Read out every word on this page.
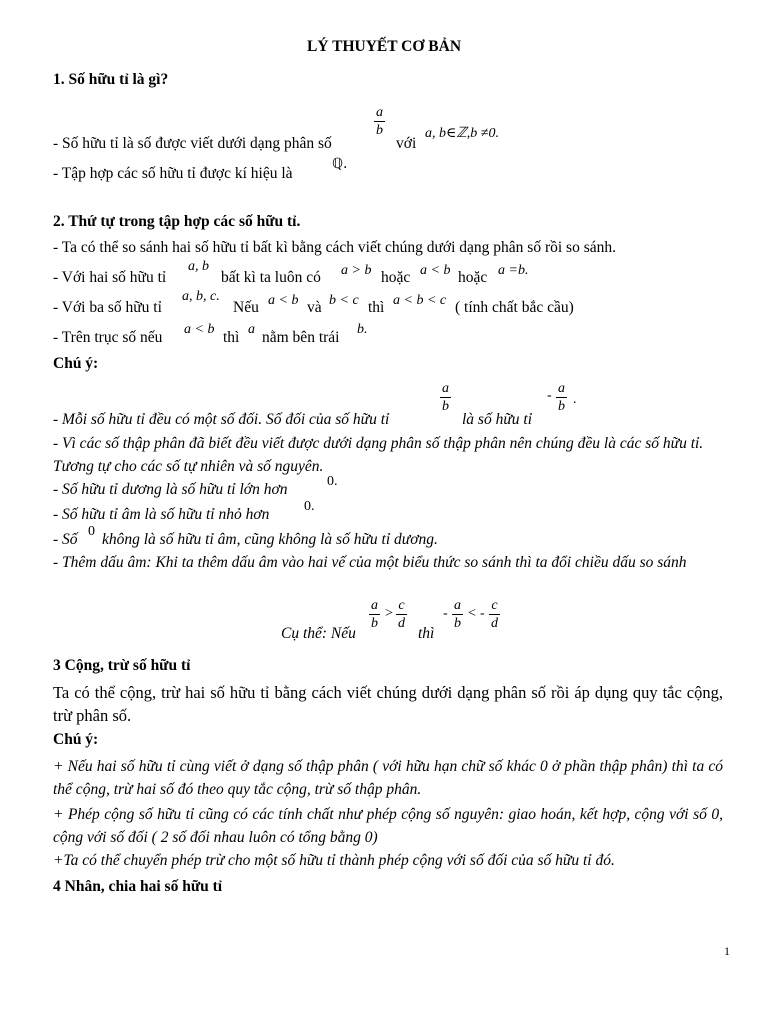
LÝ THUYẾT CƠ BẢN
1. Số hữu tỉ là gì?
$\frac{a}{b}$
- Số hữu tỉ là số được viết dưới dạng phân số	với
a, b∈ℤ,b ≠0.
- Tập hợp các số hữu tỉ được kí hiệu là
ℚ.
2. Thứ tự trong tập hợp các số hữu tỉ.
- Ta có thể so sánh hai số hữu tỉ bất kì bằng cách viết chúng dưới dạng phân số rồi so sánh.
- Với hai số hữu tỉ
a, b
bất kì ta luôn có	a > b hoặc a < b hoặc a =b.
- Với ba số hữu tỉ
a, b, c.
Nếu a < b và b < c thì a < b < c ( tính chất bắc cầu)
- Trên trục số nếu	a < b thì a nằm bên trái	b.
Chú ý:
$\frac{a}{b}$	- $\frac{a}{b}$ .
- Mỗi số hữu tỉ đều có một số đối. Số đối của số hữu tỉ	là số hữu tỉ
- Vì các số thập phân đã biết đều viết được dưới dạng phân số thập phân nên chúng đều là các số hữu tỉ. Tương tự cho các số tự nhiên và số nguyên.
- Số hữu tỉ dương là số hữu tỉ lớn hơn	0.
- Số hữu tỉ âm là số hữu tỉ nhỏ hơn	0.
- Số 0 không là số hữu tỉ âm, cũng không là số hữu tỉ dương.
- Thêm dấu âm: Khi ta thêm dấu âm vào hai vế của một biểu thức so sánh thì ta đổi chiều dấu so sánh
Cụ thể: Nếu
$\frac{a}{b} > \frac{c}{d}$
thì
- $\frac{a}{b}$ < - $\frac{c}{d}$
3 Cộng, trừ số hữu tỉ
Ta có thể cộng, trừ hai số hữu tỉ bằng cách viết chúng dưới dạng phân số rồi áp dụng quy tắc cộng, trừ phân số.
Chú ý:
+ Nếu hai số hữu tỉ cùng viết ở dạng số thập phân ( với hữu hạn chữ số khác 0 ở phần thập phân) thì ta có thể cộng, trừ hai số đó theo quy tắc cộng, trừ số thập phân.
+ Phép cộng số hữu tỉ cũng có các tính chất như phép cộng số nguyên: giao hoán, kết hợp, cộng với số 0, cộng với số đối ( 2 số đối nhau luôn có tổng bằng 0)
+Ta có thể chuyển phép trừ cho một số hữu tỉ thành phép cộng với số đối của số hữu tỉ đó.
4 Nhân, chia hai số hữu tỉ
1
